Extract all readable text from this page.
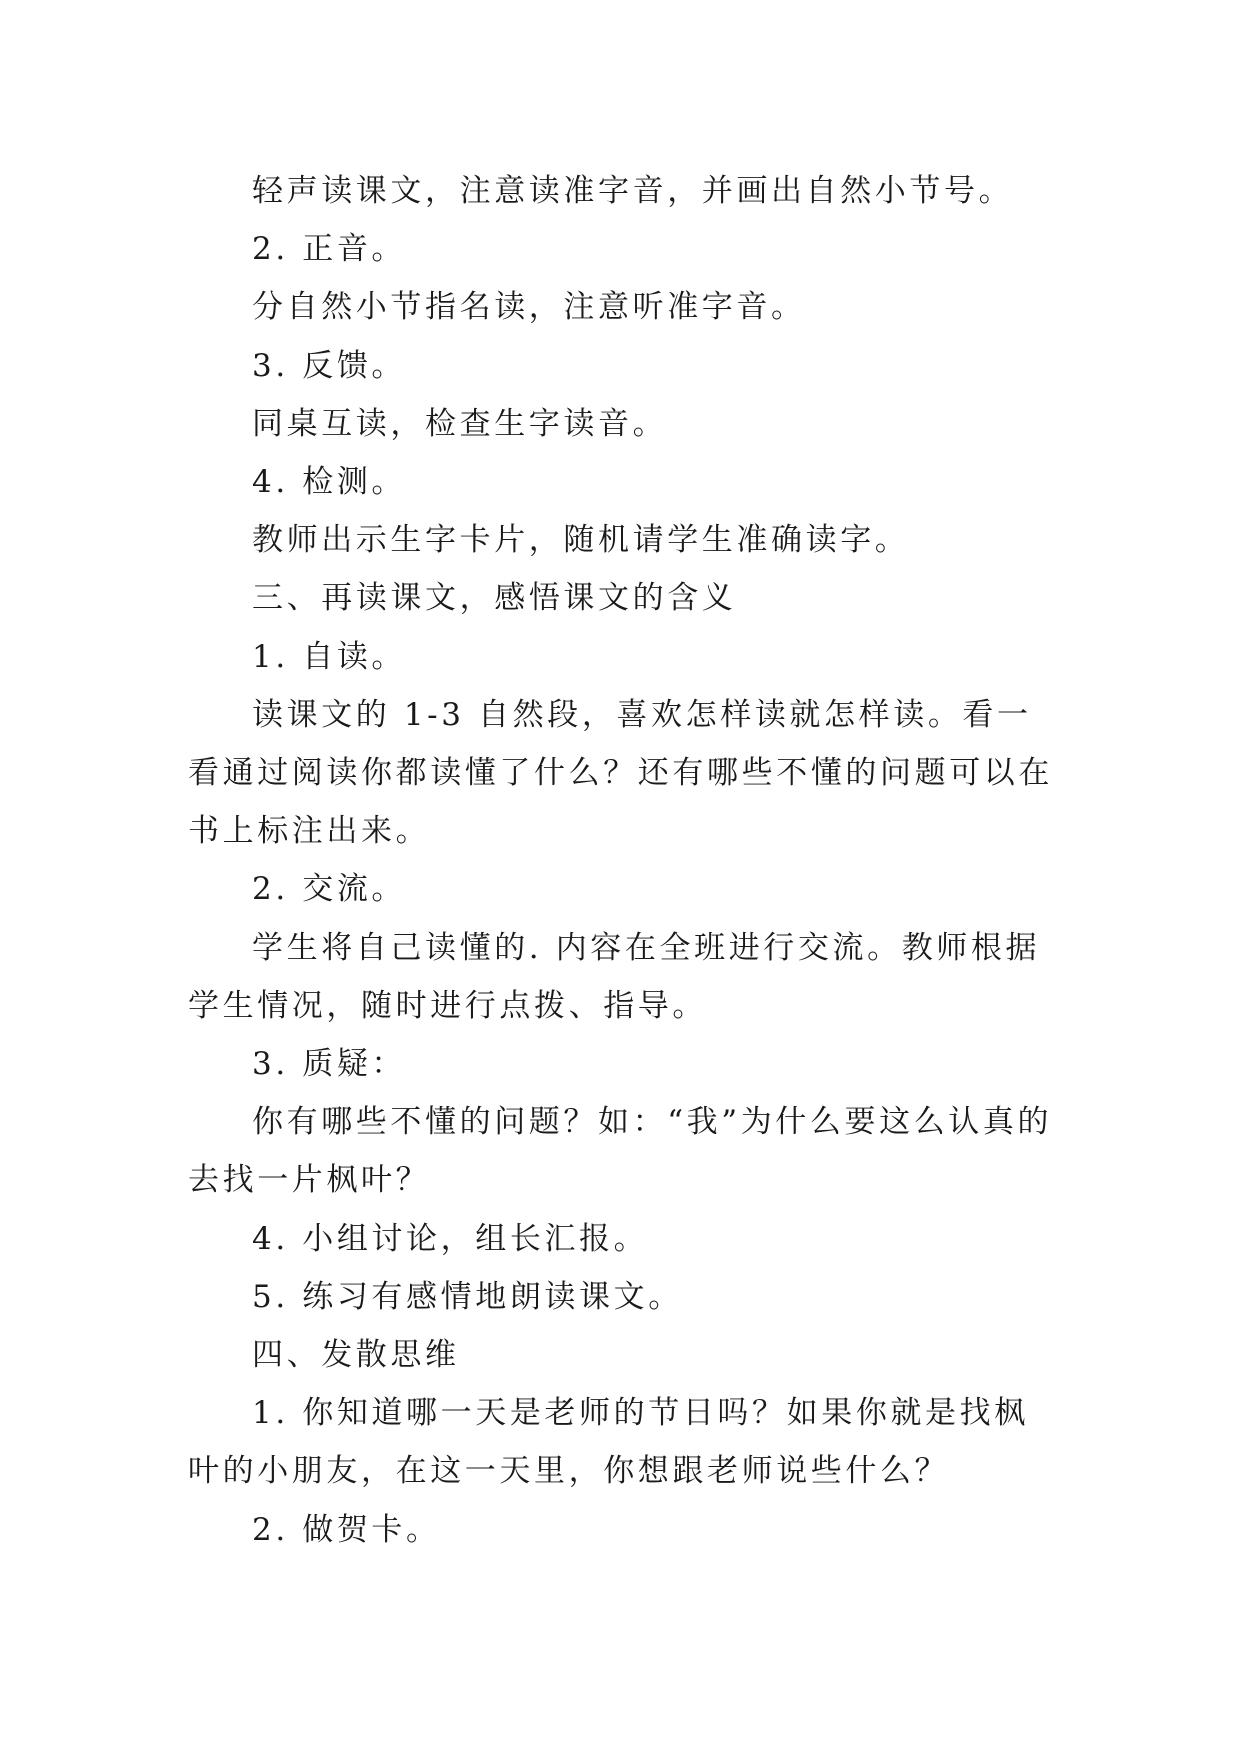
轻声读课文，注意读准字音，并画出自然小节号。

2. 正音。

分自然小节指名读，注意听准字音。

3. 反馈。

同桌互读，检查生字读音。

4. 检测。

教师出示生字卡片，随机请学生准确读字。

三、再读课文，感悟课文的含义

1. 自读。

读课文的 1-3 自然段，喜欢怎样读就怎样读。看一看通过阅读你都读懂了什么？还有哪些不懂的问题可以在书上标注出来。

2. 交流。

学生将自己读懂的. 内容在全班进行交流。教师根据学生情况，随时进行点拨、指导。

3. 质疑：

你有哪些不懂的问题？如：“我”为什么要这么认真的去找一片枫叶？

4. 小组讨论，组长汇报。

5. 练习有感情地朗读课文。

四、发散思维

1. 你知道哪一天是老师的节日吗？如果你就是找枫叶的小朋友，在这一天里，你想跟老师说些什么？

2. 做贺卡。
